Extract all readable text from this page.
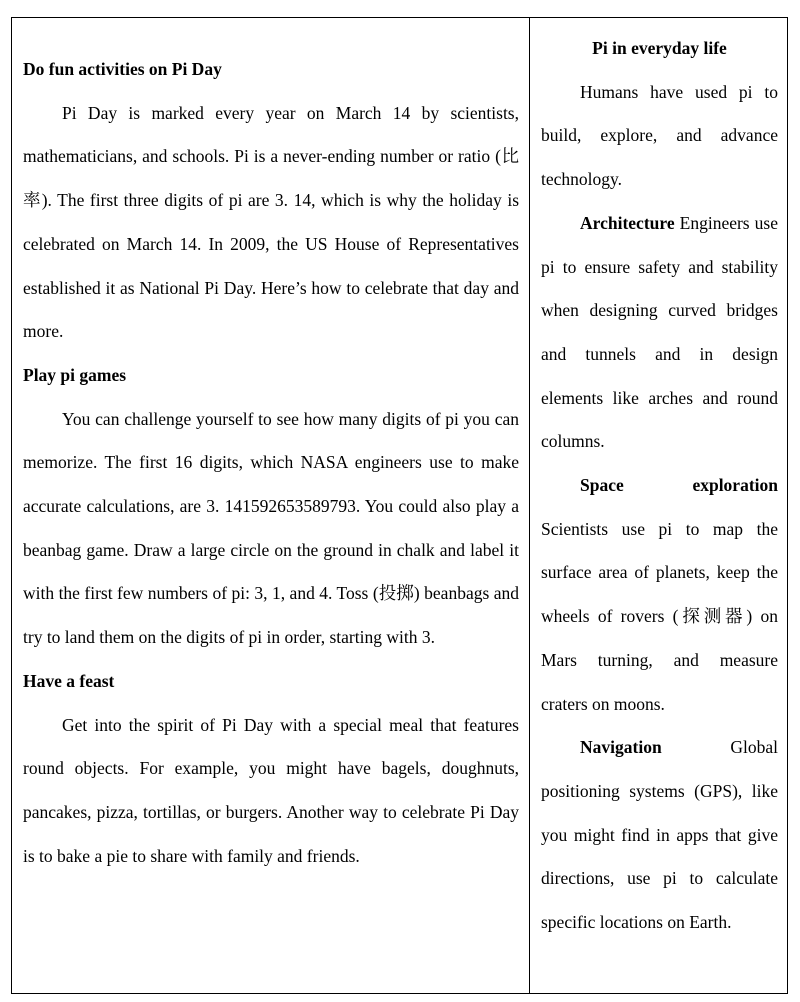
Do fun activities on Pi Day

Pi Day is marked every year on March 14 by scientists, mathematicians, and schools. Pi is a never-ending number or ratio (比率). The first three digits of pi are 3. 14, which is why the holiday is celebrated on March 14. In 2009, the US House of Representatives established it as National Pi Day. Here’s how to celebrate that day and more.

Play pi games

You can challenge yourself to see how many digits of pi you can memorize. The first 16 digits, which NASA engineers use to make accurate calculations, are 3. 141592653589793. You could also play a beanbag game. Draw a large circle on the ground in chalk and label it with the first few numbers of pi: 3, 1, and 4. Toss (投掷) beanbags and try to land them on the digits of pi in order, starting with 3.

Have a feast

Get into the spirit of Pi Day with a special meal that features round objects. For example, you might have bagels, doughnuts, pancakes, pizza, tortillas, or burgers. Another way to celebrate Pi Day is to bake a pie to share with family and friends.

Pi in everyday life

Humans have used pi to build, explore, and advance technology.

Architecture Engineers use pi to ensure safety and stability when designing curved bridges and tunnels and in design elements like arches and round columns.

Space exploration Scientists use pi to map the surface area of planets, keep the wheels of rovers (探测器) on Mars turning, and measure craters on moons.

Navigation	Global positioning systems (GPS), like you might find in apps that give directions, use pi to calculate specific locations on Earth.
